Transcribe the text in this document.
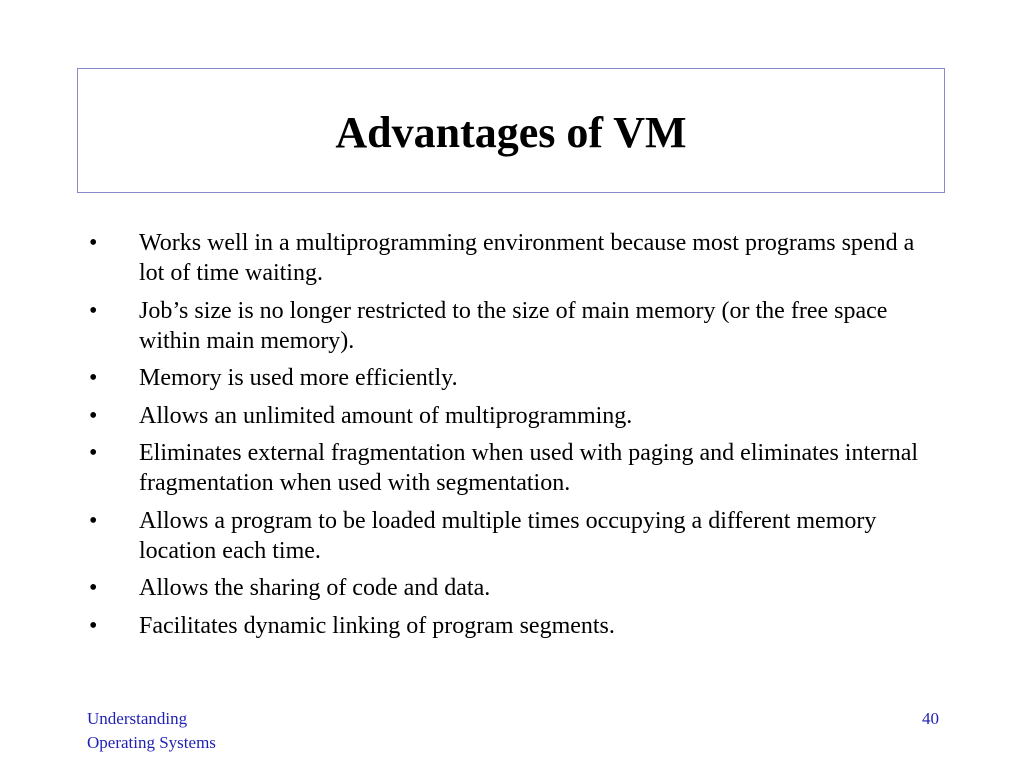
Advantages of VM
•	Works well in a multiprogramming environment because most programs spend a lot of time waiting.
•	Job’s size is no longer restricted to the size of main memory (or the free space within main memory).
•	Memory is used more efficiently.
•	Allows an unlimited amount of multiprogramming.
•	Eliminates external fragmentation when used with paging and eliminates internal fragmentation when used with segmentation.
•	Allows a program to be loaded multiple times occupying a different memory location each time.
•	Allows the sharing of code and data.
•	Facilitates dynamic linking of program segments.
Understanding
Operating Systems
40
